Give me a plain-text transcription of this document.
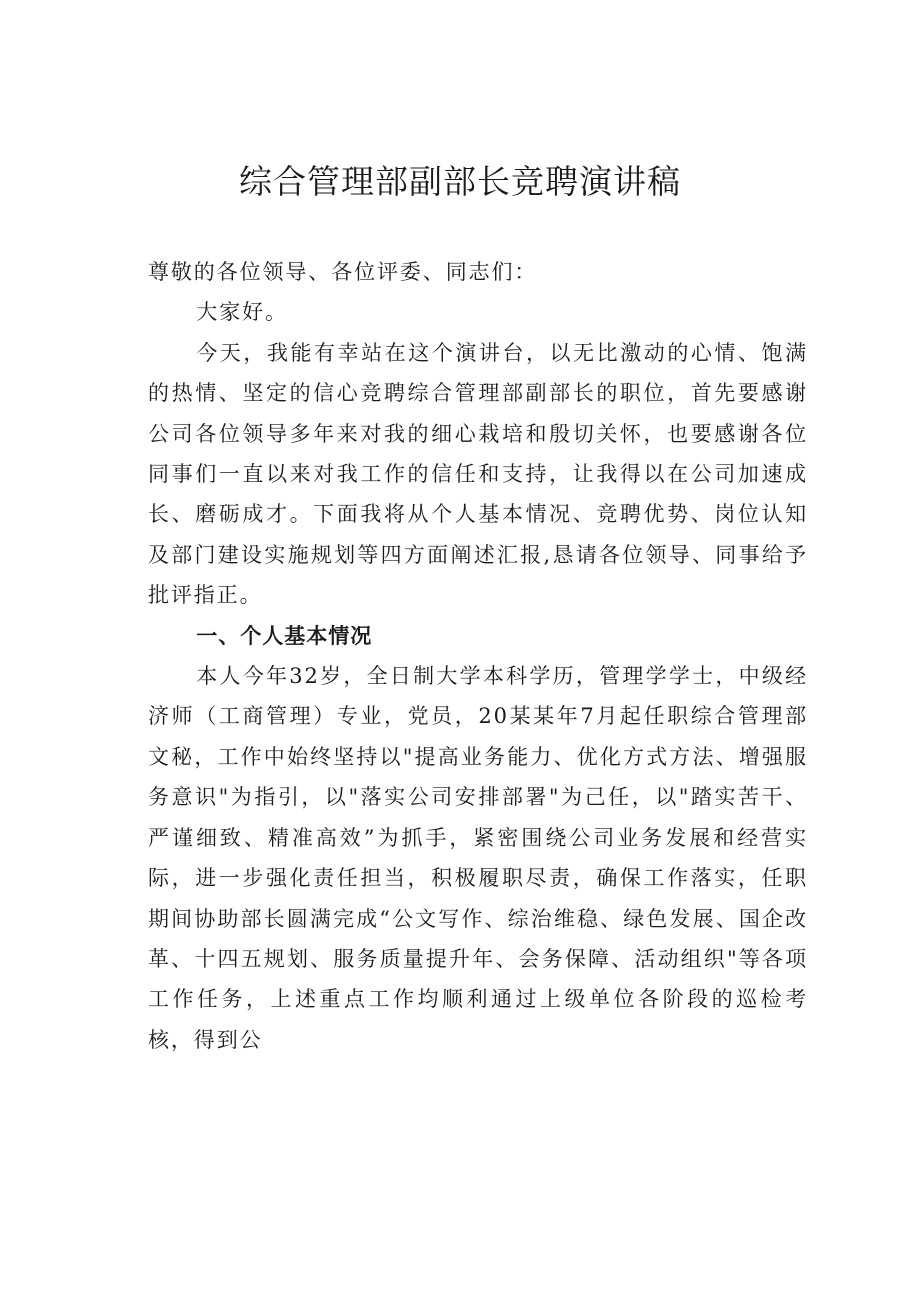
综合管理部副部长竞聘演讲稿

尊敬的各位领导、各位评委、同志们：

大家好。

今天，我能有幸站在这个演讲台，以无比激动的心情、饱满的热情、坚定的信心竞聘综合管理部副部长的职位，首先要感谢公司各位领导多年来对我的细心栽培和殷切关怀，也要感谢各位同事们一直以来对我工作的信任和支持，让我得以在公司加速成长、磨砺成才。下面我将从个人基本情况、竞聘优势、岗位认知及部门建设实施规划等四方面阐述汇报,恳请各位领导、同事给予批评指正。

一、个人基本情况

本人今年32岁，全日制大学本科学历，管理学学士，中级经济师（工商管理）专业，党员，20某某年7月起任职综合管理部文秘，工作中始终坚持以"提高业务能力、优化方式方法、增强服务意识"为指引，以"落实公司安排部署"为己任，以"踏实苦干、严谨细致、精准高效”为抓手，紧密围绕公司业务发展和经营实际，进一步强化责任担当，积极履职尽责，确保工作落实，任职期间协助部长圆满完成“公文写作、综治维稳、绿色发展、国企改革、十四五规划、服务质量提升年、会务保障、活动组织"等各项工作任务，上述重点工作均顺利通过上级单位各阶段的巡检考核，得到公
